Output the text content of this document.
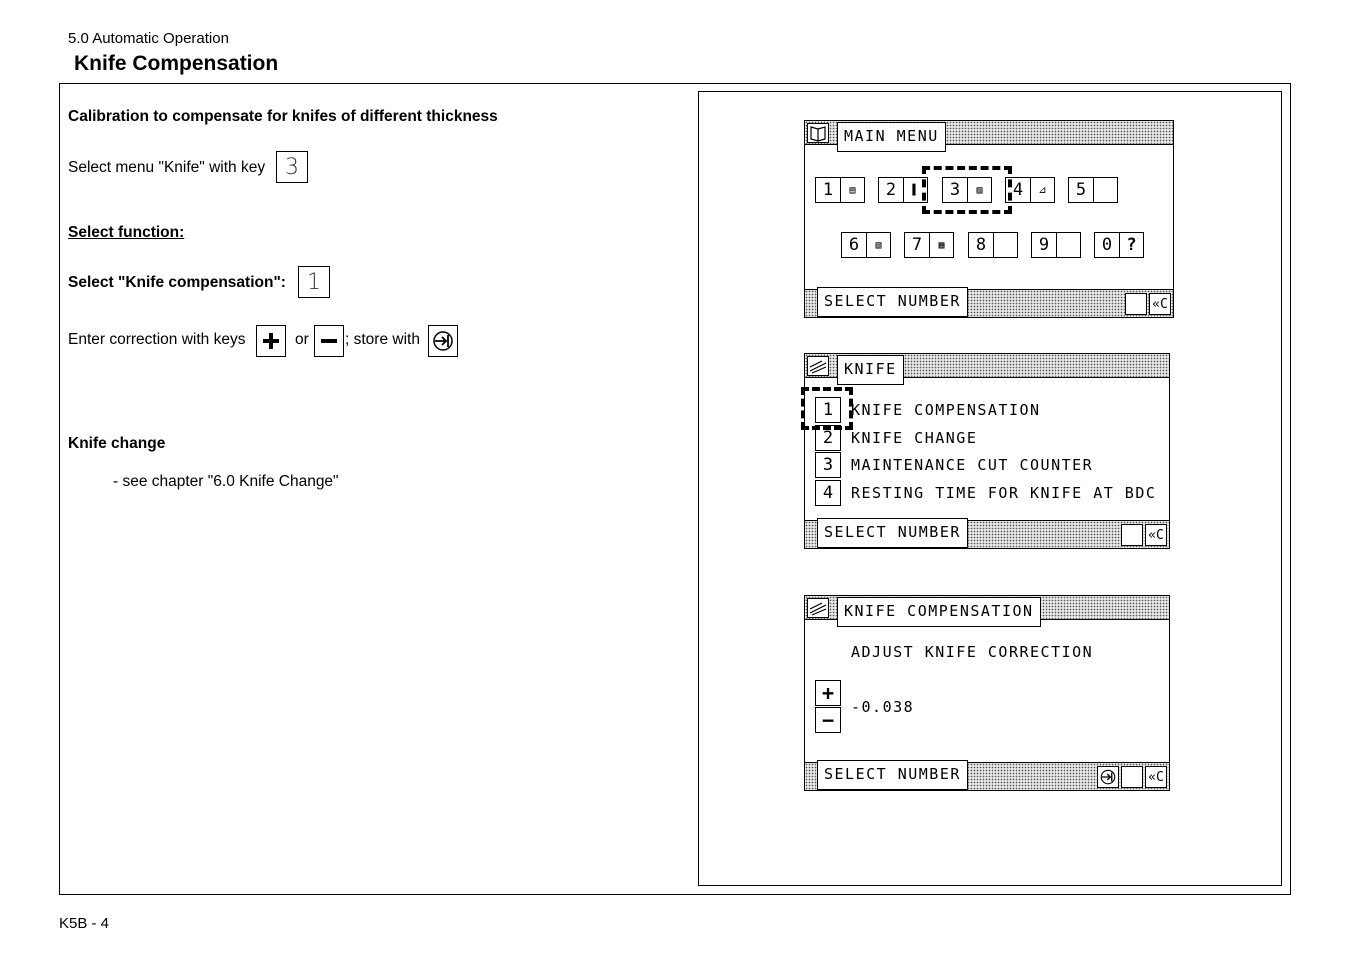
5.0 Automatic Operation
Knife Compensation
Calibration to compensate for knifes of different thickness
Select menu "Knife" with key 3
Select function:
Select "Knife compensation": 1
Enter correction with keys	or ; store with
Knife change
- see chapter "6.0 Knife Change"
MAIN MENU
1	▤	2	▌	3	▨	4	⊿	5
6	▧	7	▦	8	9	0 ?
SELECT NUMBER	«C
KNIFE
1	KNIFE COMPENSATION
2	KNIFE CHANGE
3	MAINTENANCE CUT COUNTER
4	RESTING TIME FOR KNIFE AT BDC
SELECT NUMBER	«C
KNIFE COMPENSATION
ADJUST KNIFE CORRECTION
+
−
-0.038
SELECT NUMBER	«C
K5B - 4
